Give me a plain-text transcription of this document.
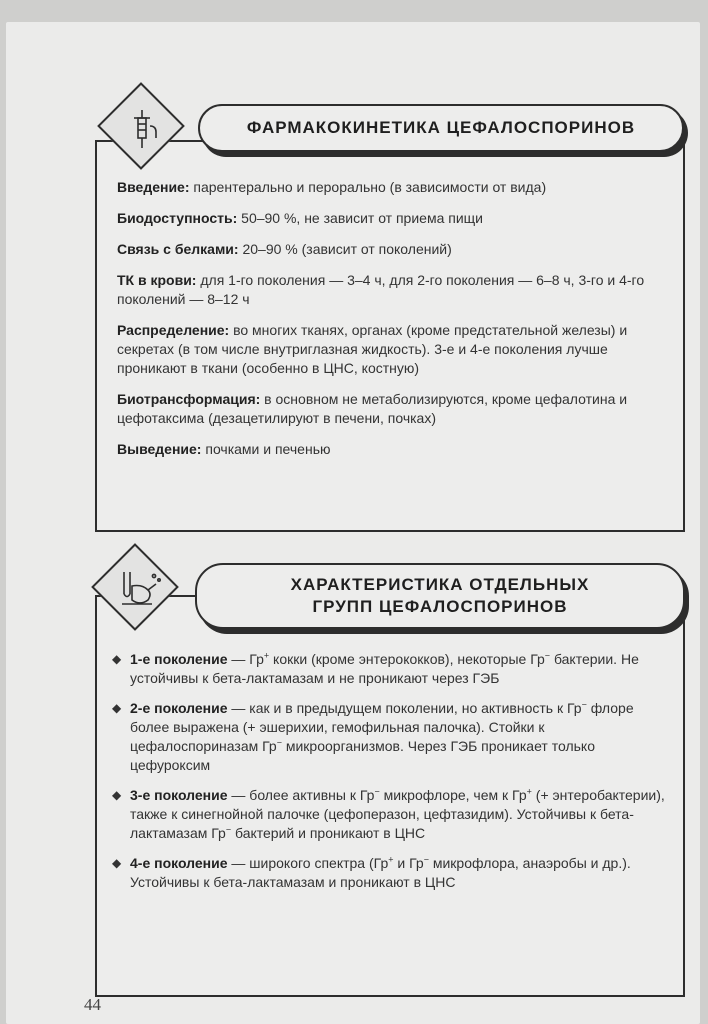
ФАРМАКОКИНЕТИКА ЦЕФАЛОСПОРИНОВ

Введение: парентерально и перорально (в зависимости от вида)

Биодоступность: 50–90 %, не зависит от приема пищи

Связь с белками: 20–90 % (зависит от поколений)

ТК в крови: для 1-го поколения — 3–4 ч, для 2-го поколения — 6–8 ч, 3-го и 4-го поколений — 8–12 ч

Распределение: во многих тканях, органах (кроме предстательной железы) и секретах (в том числе внутриглазная жидкость). 3-е и 4-е поколения лучше проникают в ткани (особенно в ЦНС, костную)

Биотрансформация: в основном не метаболизируются, кроме цефалотина и цефотаксима (дезацетилируют в печени, почках)

Выведение: почками и печенью

ХАРАКТЕРИСТИКА ОТДЕЛЬНЫХ
ГРУПП ЦЕФАЛОСПОРИНОВ
◆ 1-е поколение — Гр+ кокки (кроме энтерококков), некоторые Гр− бактерии. Не устойчивы к бета-лактамазам и не проникают через ГЭБ
◆ 2-е поколение — как и в предыдущем поколении, но активность к Гр− флоре более выражена (+ эшерихии, гемофильная палочка). Стойки к цефалоспориназам Гр− микроорганизмов. Через ГЭБ проникает только цефуроксим
◆ 3-е поколение — более активны к Гр− микрофлоре, чем к Гр+ (+ энтеробактерии), также к синегнойной палочке (цефоперазон, цефтазидим). Устойчивы к бета-лактамазам Гр− бактерий и проникают в ЦНС
◆ 4-е поколение — широкого спектра (Гр+ и Гр− микрофлора, анаэробы и др.). Устойчивы к бета-лактамазам и проникают в ЦНС
44
